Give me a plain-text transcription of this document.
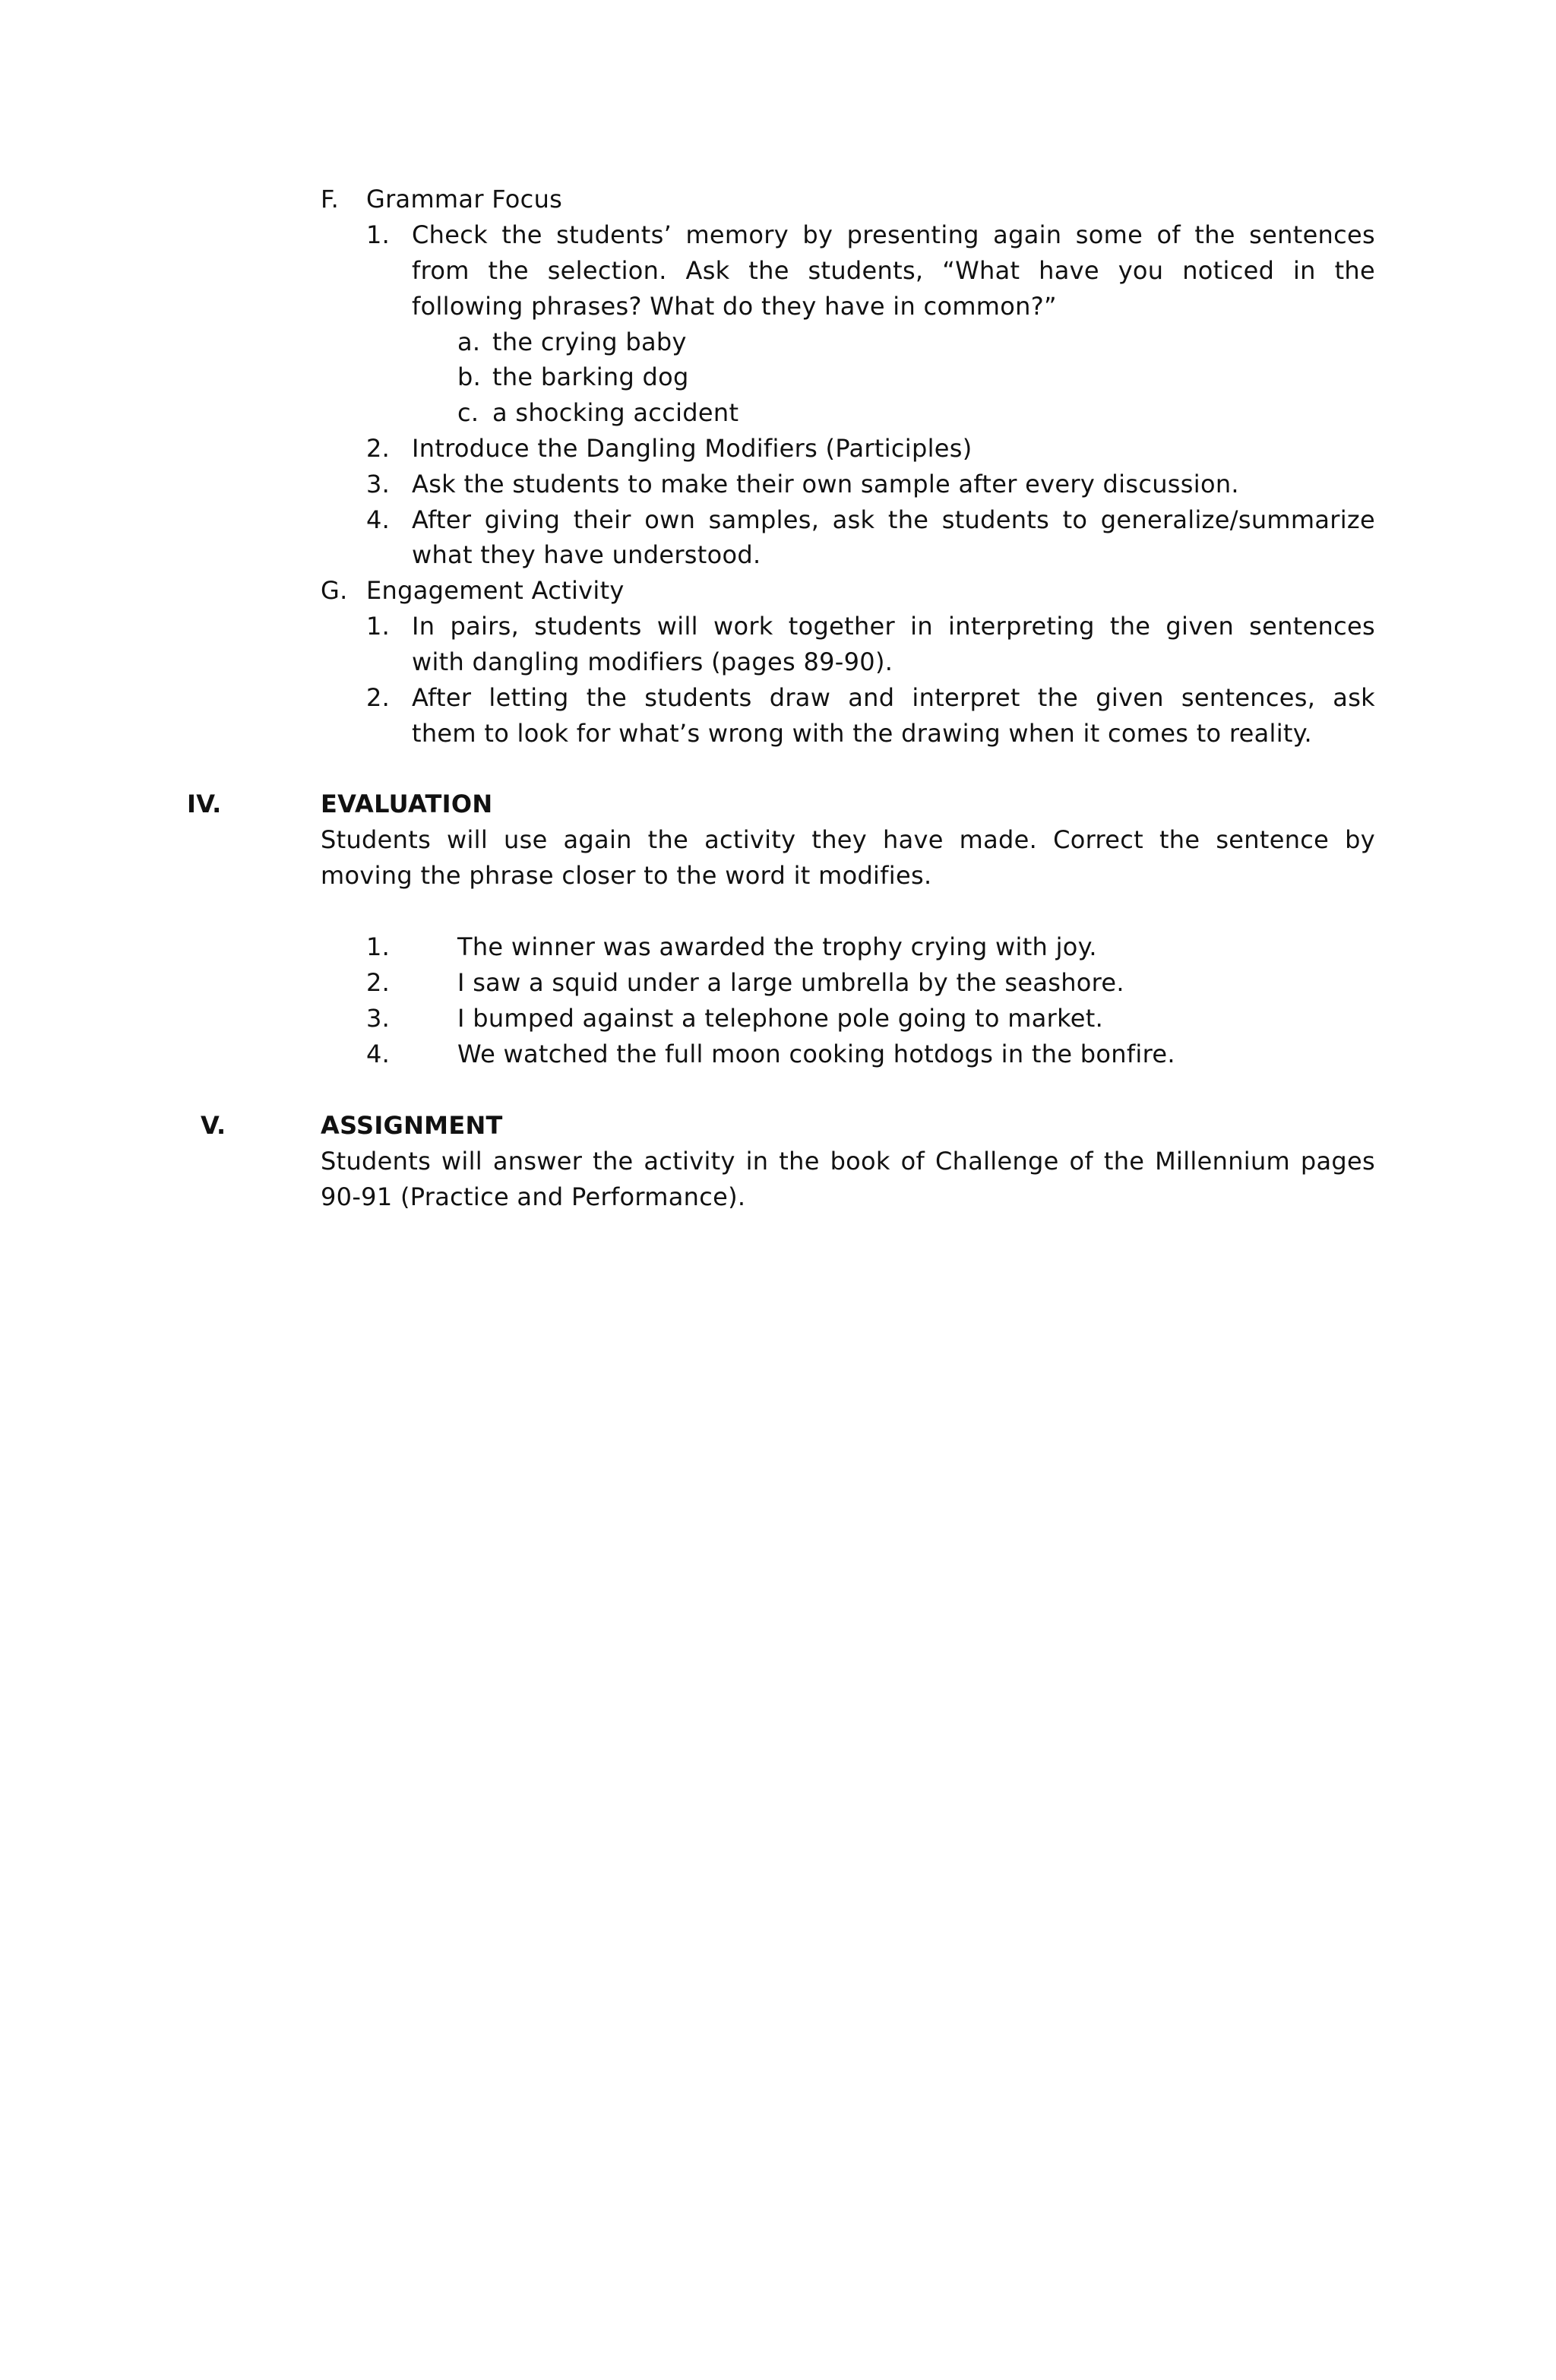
F. Grammar Focus
1. Check the students’ memory by presenting again some of the sentences
from the selection. Ask the students, “What have you noticed in the
following phrases? What do they have in common?”
a. the crying baby
b. the barking dog
c. a shocking accident
2. Introduce the Dangling Modifiers (Participles)
3. Ask the students to make their own sample after every discussion.
4. After giving their own samples, ask the students to generalize/summarize
what they have understood.
G. Engagement Activity
1. In pairs, students will work together in interpreting the given sentences
with dangling modifiers (pages 89-90).
2. After letting the students draw and interpret the given sentences, ask
them to look for what’s wrong with the drawing when it comes to reality.
IV.	EVALUATION
Students will use again the activity they have made. Correct the sentence by
moving the phrase closer to the word it modifies.
1.	The winner was awarded the trophy crying with joy.
2.	I saw a squid under a large umbrella by the seashore.
3.	I bumped against a telephone pole going to market.
4.	We watched the full moon cooking hotdogs in the bonfire.
V.	ASSIGNMENT
Students will answer the activity in the book of Challenge of the Millennium pages
90-91 (Practice and Performance).
